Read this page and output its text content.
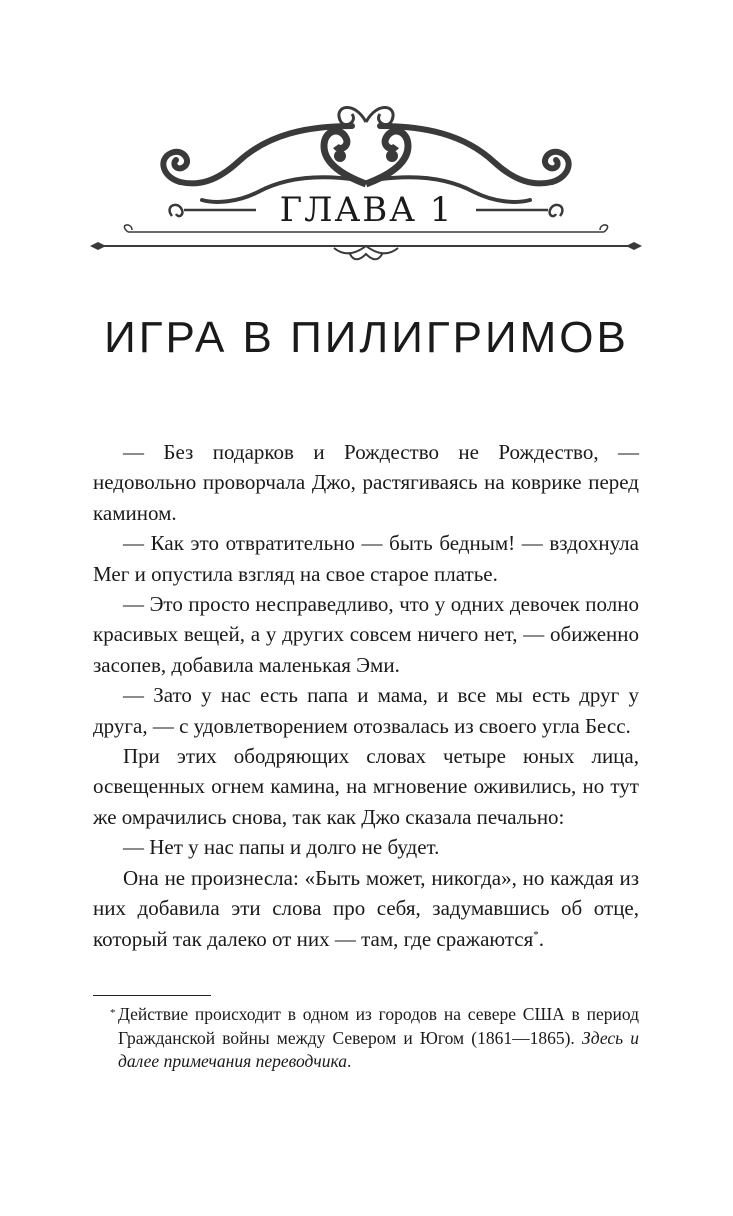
ГЛАВА 1
ИГРА В ПИЛИГРИМОВ

— Без подарков и Рождество не Рождество, — недовольно проворчала Джо, растягиваясь на коврике перед камином.

— Как это отвратительно — быть бедным! — вздохнула Мег и опустила взгляд на свое старое платье.

— Это просто несправедливо, что у одних девочек полно красивых вещей, а у других совсем ничего нет, — обиженно засопев, добавила маленькая Эми.

— Зато у нас есть папа и мама, и все мы есть друг у друга, — с удовлетворением отозвалась из своего угла Бесс.

При этих ободряющих словах четыре юных лица, освещенных огнем камина, на мгновение оживились, но тут же омрачились снова, так как Джо сказала печально:

— Нет у нас папы и долго не будет.

Она не произнесла: «Быть может, никогда», но каждая из них добавила эти слова про себя, задумавшись об отце, который так далеко от них — там, где сражаются*.

* Действие происходит в одном из городов на севере США в период Гражданской войны между Севером и Югом (1861—1865). Здесь и далее примечания переводчика.
